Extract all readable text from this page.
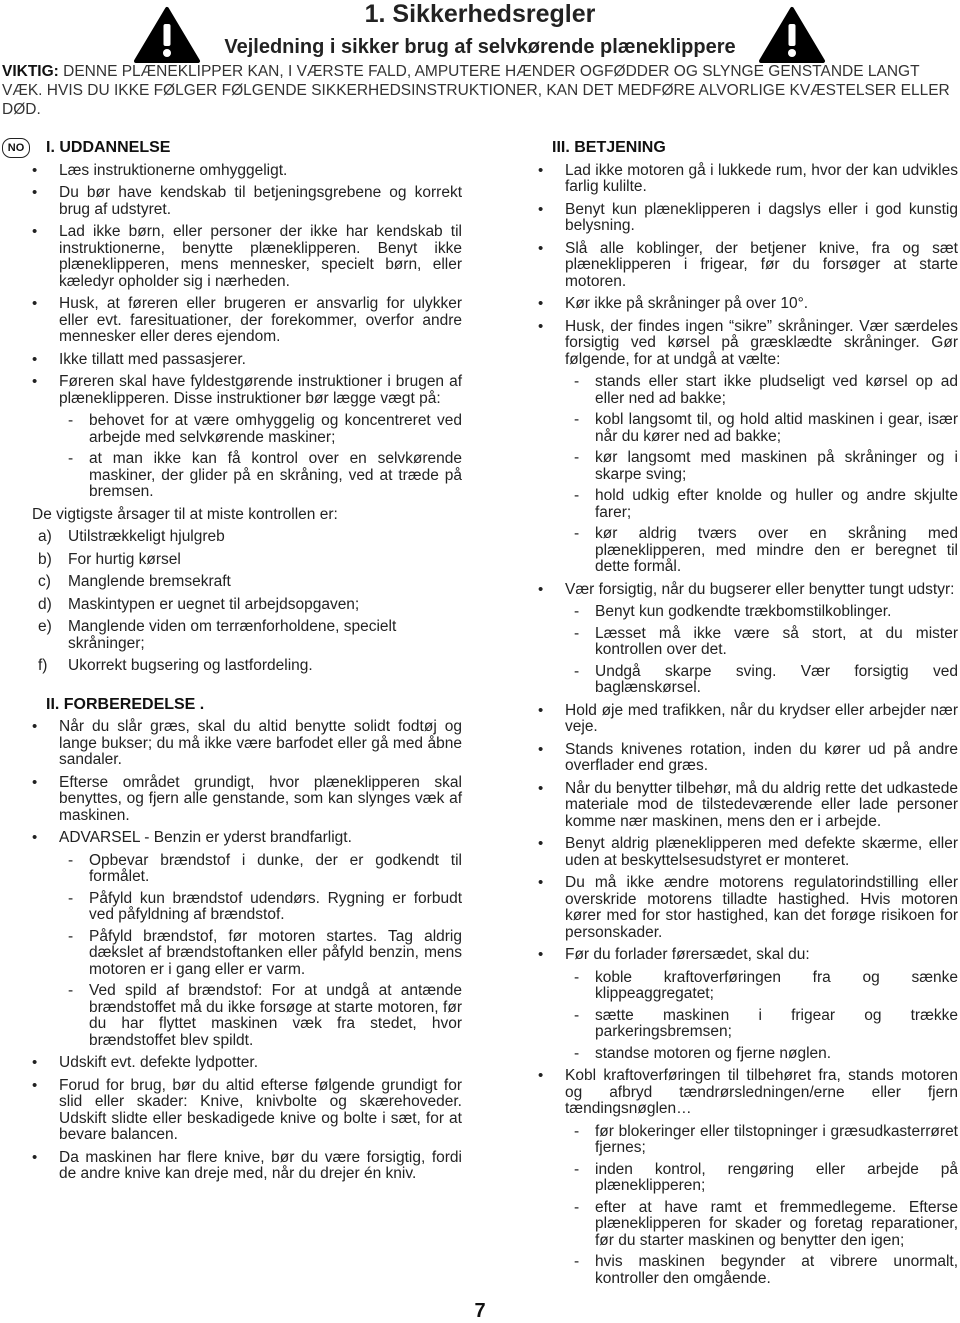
1. Sikkerhedsregler
Vejledning i sikker brug af selvkørende plæneklippere
VIKTIG: DENNE PLÆNEKLIPPER KAN, I VÆRSTE FALD, AMPUTERE HÆNDER OGFØDDER OG SLYNGE GENSTANDE LANGT VÆK. HVIS DU IKKE FØLGER FØLGENDE SIKKERHEDSINSTRUKTIONER, KAN DET MEDFØRE ALVORLIGE KVÆSTELSER ELLER DØD.
NO	I. UDDANNELSE
• Læs instruktionerne omhyggeligt.
• Du bør have kendskab til betjeningsgrebene og korrekt brug af udstyret.
• Lad ikke børn, eller personer der ikke har kendskab til instruktionerne, benytte plæneklipperen. Benyt ikke plæneklipperen, mens mennesker, specielt børn, eller kæledyr opholder sig i nærheden.
• Husk, at føreren eller brugeren er ansvarlig for ulykker eller evt. faresituationer, der forekommer, overfor andre mennesker eller deres ejendom.
• Ikke tillatt med passasjerer.
• Føreren skal have fyldestgørende instruktioner i brugen af plæneklipperen. Disse instruktioner bør lægge vægt på:
- behovet for at være omhyggelig og koncentreret ved arbejde med selvkørende maskiner;
- at man ikke kan få kontrol over en selvkørende maskiner, der glider på en skråning, ved at træde på bremsen.
De vigtigste årsager til at miste kontrollen er:
a) Utilstrækkeligt hjulgreb
b) For hurtig kørsel
c) Manglende bremsekraft
d) Maskintypen er uegnet til arbejdsopgaven;
e) Manglende viden om terrænforholdene, specielt skråninger;
f) Ukorrekt bugsering og lastfordeling.
II. FORBEREDELSE .
• Når du slår græs, skal du altid benytte solidt fodtøj og lange bukser; du må ikke være barfodet eller gå med åbne sandaler.
• Efterse området grundigt, hvor plæneklipperen skal benyttes, og fjern alle genstande, som kan slynges væk af maskinen.
• ADVARSEL - Benzin er yderst brandfarligt.
- Opbevar brændstof i dunke, der er godkendt til formålet.
- Påfyld kun brændstof udendørs. Rygning er forbudt ved påfyldning af brændstof.
- Påfyld brændstof, før motoren startes. Tag aldrig dækslet af brændstoftanken eller påfyld benzin, mens motoren er i gang eller er varm.
- Ved spild af brændstof: For at undgå at antænde brændstoffet må du ikke forsøge at starte motoren, før du har flyttet maskinen væk fra stedet, hvor brændstoffet blev spildt.
• Udskift evt. defekte lydpotter.
• Forud for brug, bør du altid efterse følgende grundigt for slid eller skader: Knive, knivbolte og skærehoveder. Udskift slidte eller beskadigede knive og bolte i sæt, for at bevare balancen.
• Da maskinen har flere knive, bør du være forsigtig, fordi de andre knive kan dreje med, når du drejer én kniv.
III. BETJENING
• Lad ikke motoren gå i lukkede rum, hvor der kan udvikles farlig kulilte.
• Benyt kun plæneklipperen i dagslys eller i god kunstig belysning.
• Slå alle koblinger, der betjener knive, fra og sæt plæneklipperen i frigear, før du forsøger at starte motoren.
• Kør ikke på skråninger på over 10°.
• Husk, der findes ingen “sikre” skråninger. Vær særdeles forsigtig ved kørsel på græsklædte skråninger. Gør følgende, for at undgå at vælte:
- stands eller start ikke pludseligt ved kørsel op ad eller ned ad bakke;
- kobl langsomt til, og hold altid maskinen i gear, især når du kører ned ad bakke;
- kør langsomt med maskinen på skråninger og i skarpe sving;
- hold udkig efter knolde og huller og andre skjulte farer;
- kør aldrig tværs over en skråning med plæneklipperen, med mindre den er beregnet til dette formål.
• Vær forsigtig, når du bugserer eller benytter tungt udstyr:
- Benyt kun godkendte trækbomstilkoblinger.
- Læsset må ikke være så stort, at du mister kontrollen over det.
- Undgå skarpe sving. Vær forsigtig ved baglænskørsel.
• Hold øje med trafikken, når du krydser eller arbejder nær veje.
• Stands knivenes rotation, inden du kører ud på andre overflader end græs.
• Når du benytter tilbehør, må du aldrig rette det udkastede materiale mod de tilstedeværende eller lade personer komme nær maskinen, mens den er i arbejde.
• Benyt aldrig plæneklipperen med defekte skærme, eller uden at beskyttelsesudstyret er monteret.
• Du må ikke ændre motorens regulatorindstilling eller overskride motorens tilladte hastighed. Hvis motoren kører med for stor hastighed, kan det forøge risikoen for personskader.
• Før du forlader førersædet, skal du:
- koble kraftoverføringen fra og sænke klippeaggregatet;
- sætte maskinen i frigear og trække parkeringsbremsen;
- standse motoren og fjerne nøglen.
• Kobl kraftoverføringen til tilbehøret fra, stands motoren og afbryd tændrørsledningen/erne eller fjern tændingsnøglen…
- før blokeringer eller tilstopninger i græsudkasterrøret fjernes;
- inden kontrol, rengøring eller arbejde på plæneklipperen;
- efter at have ramt et fremmedlegeme. Efterse plæneklipperen for skader og foretag reparationer, før du starter maskinen og benytter den igen;
- hvis maskinen begynder at vibrere unormalt, kontroller den omgående.
7
